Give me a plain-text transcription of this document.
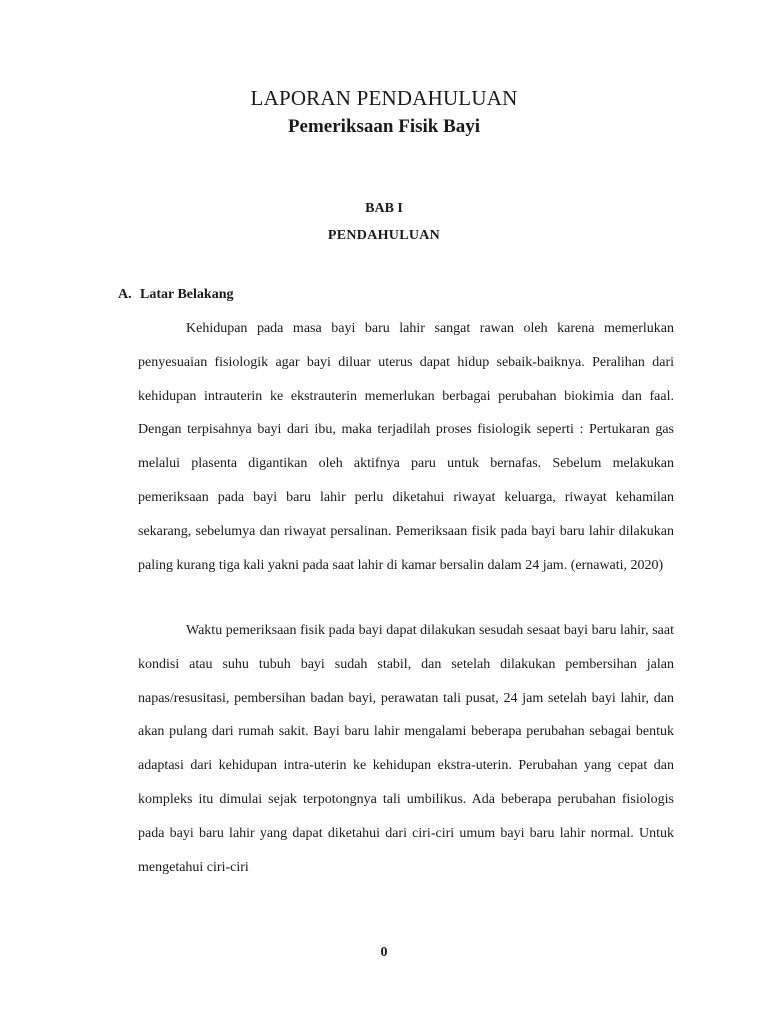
LAPORAN PENDAHULUAN
Pemeriksaan Fisik Bayi
BAB I
PENDAHULUAN
A. Latar Belakang

Kehidupan pada masa bayi baru lahir sangat rawan oleh karena memerlukan penyesuaian fisiologik agar bayi diluar uterus dapat hidup sebaik-baiknya. Peralihan dari kehidupan intrauterin ke ekstrauterin memerlukan berbagai perubahan biokimia dan faal. Dengan terpisahnya bayi dari ibu, maka terjadilah proses fisiologik seperti : Pertukaran gas melalui plasenta digantikan oleh aktifnya paru untuk bernafas. Sebelum melakukan pemeriksaan pada bayi baru lahir perlu diketahui riwayat keluarga, riwayat kehamilan sekarang, sebelumya dan riwayat persalinan. Pemeriksaan fisik pada bayi baru lahir dilakukan paling kurang tiga kali yakni pada saat lahir di kamar bersalin dalam 24 jam. (ernawati, 2020)

Waktu pemeriksaan fisik pada bayi dapat dilakukan sesudah sesaat bayi baru lahir, saat kondisi atau suhu tubuh bayi sudah stabil, dan setelah dilakukan pembersihan jalan napas/resusitasi, pembersihan badan bayi, perawatan tali pusat, 24 jam setelah bayi lahir, dan akan pulang dari rumah sakit. Bayi baru lahir mengalami beberapa perubahan sebagai bentuk adaptasi dari kehidupan intra-uterin ke kehidupan ekstra-uterin. Perubahan yang cepat dan kompleks itu dimulai sejak terpotongnya tali umbilikus. Ada beberapa perubahan fisiologis pada bayi baru lahir yang dapat diketahui dari ciri-ciri umum bayi baru lahir normal. Untuk mengetahui ciri-ciri

0
